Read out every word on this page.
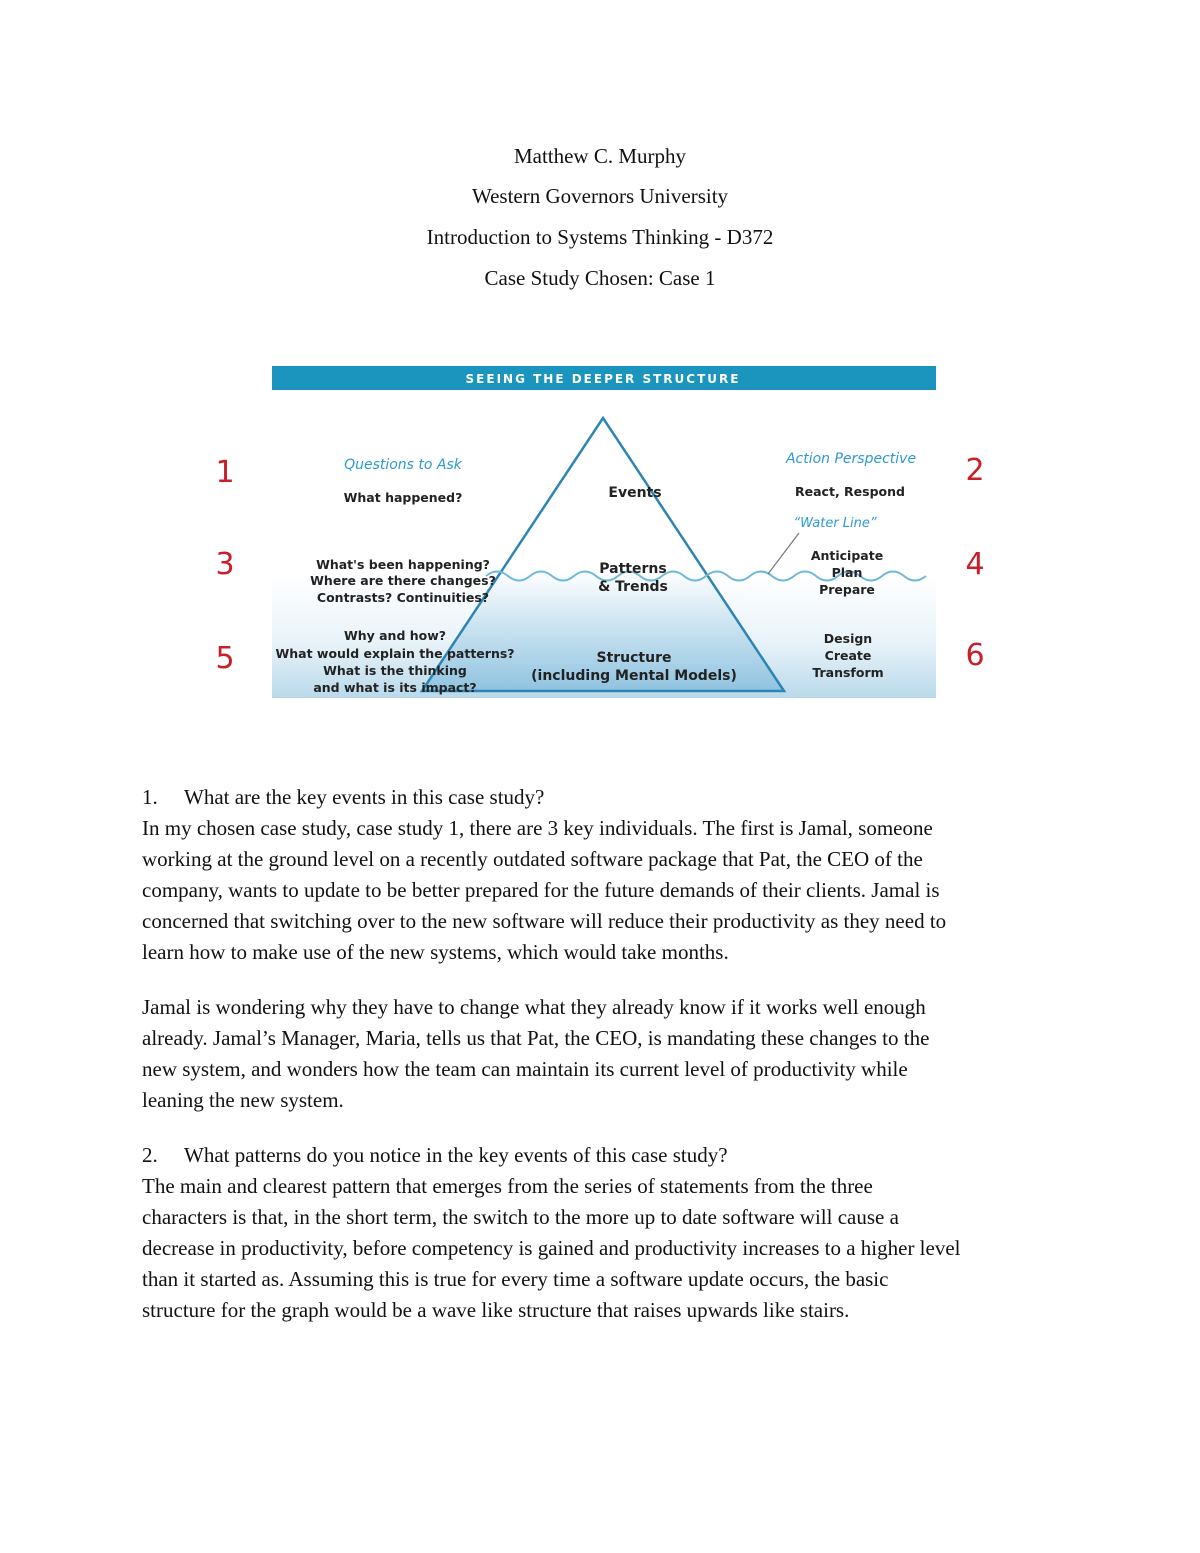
Matthew C. Murphy
Western Governors University
Introduction to Systems Thinking - D372
Case Study Chosen: Case 1
SEEING THE DEEPER STRUCTURE
1	2
3	4
5	6
Questions to Ask	Action Perspective
What happened?
What's been happening?
Where are there changes?
Contrasts? Continuities?
Why and how?
What would explain the patterns?
What is the thinking
and what is its impact?
React, Respond
Anticipate
Plan
Prepare
Design
Create
Transform
“Water Line”
Events
Patterns
& Trends
Structure
(including Mental Models)
1. What are the key events in this case study?
In my chosen case study, case study 1, there are 3 key individuals. The first is Jamal, someone
working at the ground level on a recently outdated software package that Pat, the CEO of the
company, wants to update to be better prepared for the future demands of their clients. Jamal is
concerned that switching over to the new software will reduce their productivity as they need to
learn how to make use of the new systems, which would take months.
Jamal is wondering why they have to change what they already know if it works well enough
already. Jamal’s Manager, Maria, tells us that Pat, the CEO, is mandating these changes to the
new system, and wonders how the team can maintain its current level of productivity while
leaning the new system.
2. What patterns do you notice in the key events of this case study?
The main and clearest pattern that emerges from the series of statements from the three
characters is that, in the short term, the switch to the more up to date software will cause a
decrease in productivity, before competency is gained and productivity increases to a higher level
than it started as. Assuming this is true for every time a software update occurs, the basic
structure for the graph would be a wave like structure that raises upwards like stairs.
